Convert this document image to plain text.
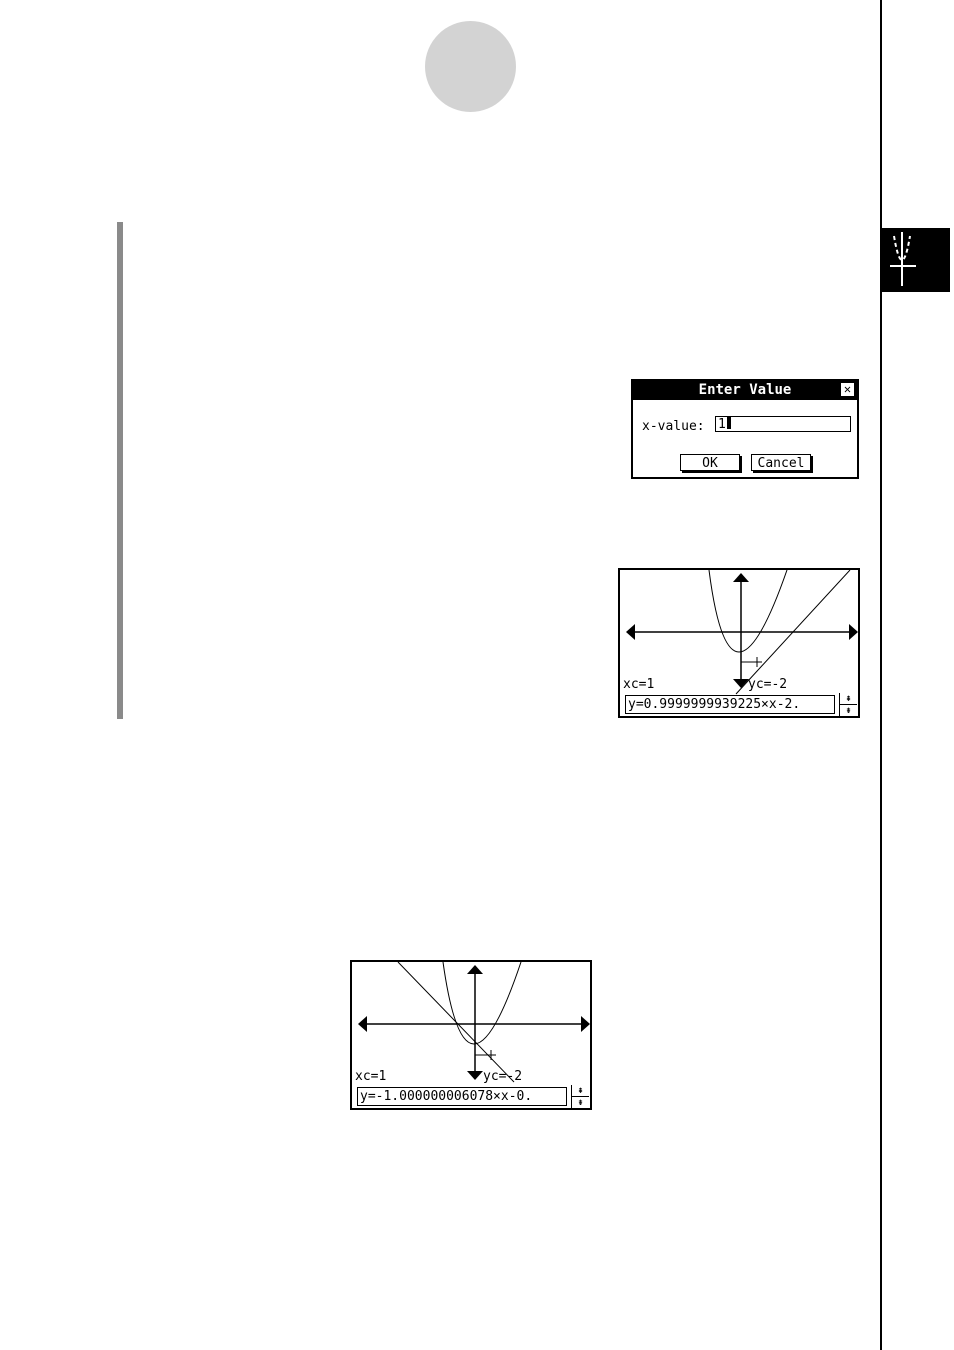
Enter Value	✕
x-value: 1
OK	Cancel
xc=1	yc=-2
y=0.9999999939225×x-2.	⇞
⇟
xc=1	yc=-2
y=-1.000000006078×x-0.	⇞
⇟
